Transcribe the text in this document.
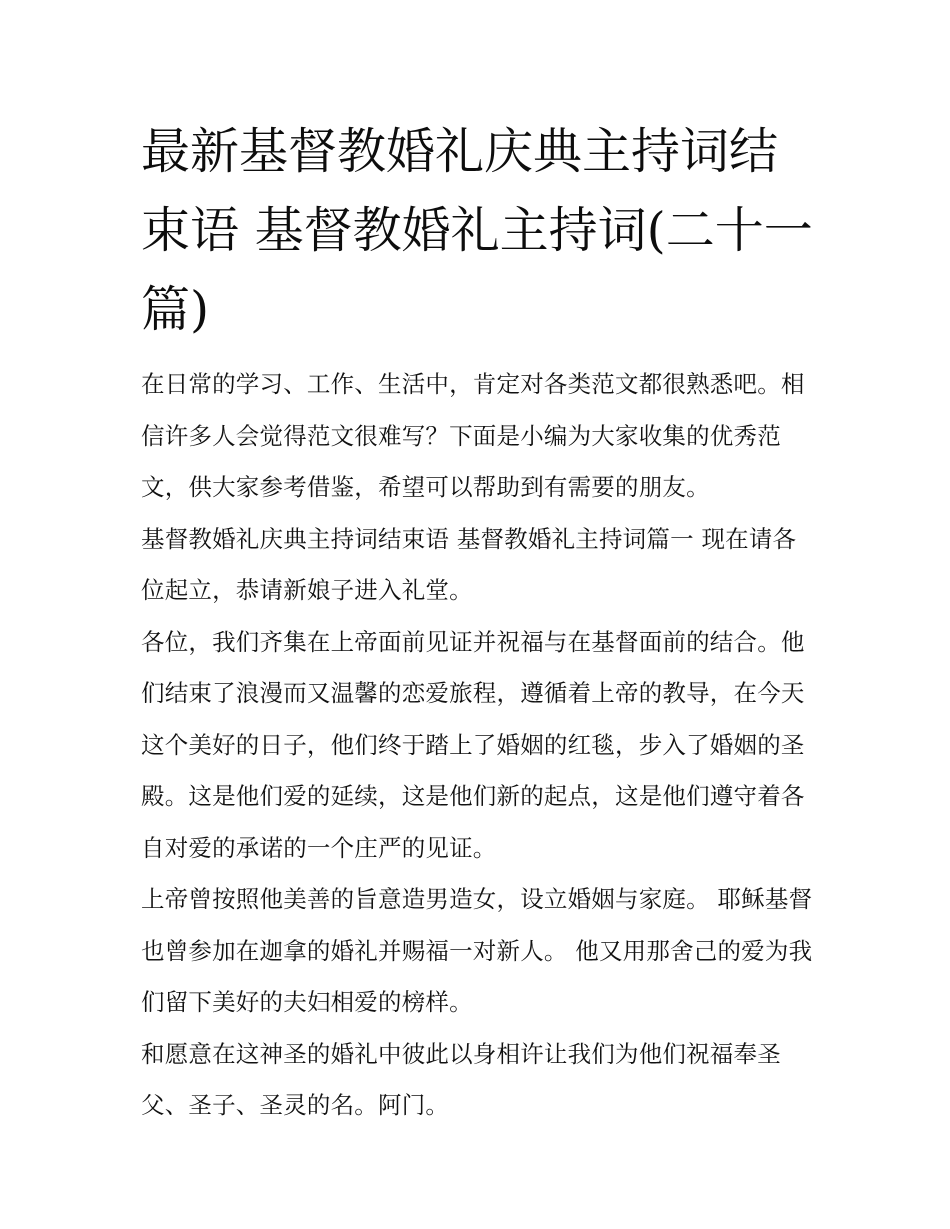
最新基督教婚礼庆典主持词结束语 基督教婚礼主持词(二十一篇)

在日常的学习、工作、生活中，肯定对各类范文都很熟悉吧。相信许多人会觉得范文很难写？下面是小编为大家收集的优秀范文，供大家参考借鉴，希望可以帮助到有需要的朋友。

基督教婚礼庆典主持词结束语 基督教婚礼主持词篇一 现在请各位起立，恭请新娘子进入礼堂。

各位，我们齐集在上帝面前见证并祝福与在基督面前的结合。他们结束了浪漫而又温馨的恋爱旅程，遵循着上帝的教导，在今天这个美好的日子，他们终于踏上了婚姻的红毯，步入了婚姻的圣殿。这是他们爱的延续，这是他们新的起点，这是他们遵守着各自对爱的承诺的一个庄严的见证。

上帝曾按照他美善的旨意造男造女，设立婚姻与家庭。 耶稣基督也曾参加在迦拿的婚礼并赐福一对新人。 他又用那舍己的爱为我们留下美好的夫妇相爱的榜样。

和愿意在这神圣的婚礼中彼此以身相许让我们为他们祝福奉圣父、圣子、圣灵的名。阿门。
